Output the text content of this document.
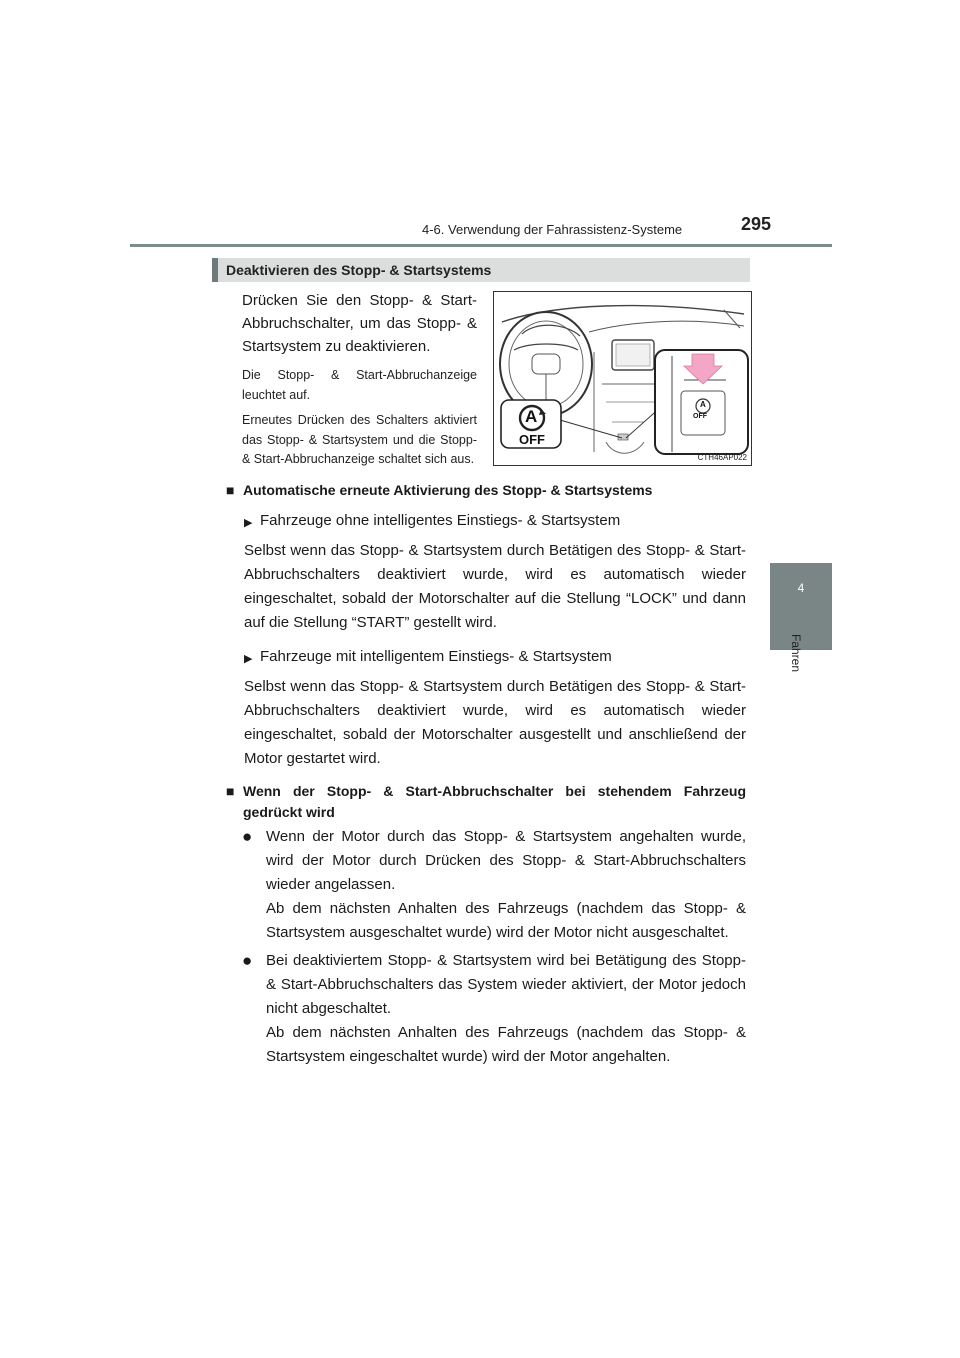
4-6. Verwendung der Fahrassistenz-Systeme	295
4
Fahren
Deaktivieren des Stopp- & Startsystems

Drücken Sie den Stopp- & Start-Abbruchschalter, um das Stopp- & Startsystem zu deaktivieren.

Die Stopp- & Start-Abbruchanzeige leuchtet auf.

Erneutes Drücken des Schalters aktiviert das Stopp- & Startsystem und die Stopp- & Start-Abbruchanzeige schaltet sich aus.

OFF
A	OFF
A
CTH46AP022
■ Automatische erneute Aktivierung des Stopp- & Startsystems
▶ Fahrzeuge ohne intelligentes Einstiegs- & Startsystem

Selbst wenn das Stopp- & Startsystem durch Betätigen des Stopp- & Start-Abbruchschalters deaktiviert wurde, wird es automatisch wieder eingeschaltet, sobald der Motorschalter auf die Stellung “LOCK” und dann auf die Stellung “START” gestellt wird.

▶ Fahrzeuge mit intelligentem Einstiegs- & Startsystem

Selbst wenn das Stopp- & Startsystem durch Betätigen des Stopp- & Start-Abbruchschalters deaktiviert wurde, wird es automatisch wieder eingeschaltet, sobald der Motorschalter ausgestellt und anschließend der Motor gestartet wird.

■ Wenn der Stopp- & Start-Abbruchschalter bei stehendem Fahrzeug gedrückt wird
● Wenn der Motor durch das Stopp- & Startsystem angehalten wurde, wird der Motor durch Drücken des Stopp- & Start-Abbruchschalters wieder angelassen.

Ab dem nächsten Anhalten des Fahrzeugs (nachdem das Stopp- & Startsystem ausgeschaltet wurde) wird der Motor nicht ausgeschaltet.

● Bei deaktiviertem Stopp- & Startsystem wird bei Betätigung des Stopp- & Start-Abbruchschalters das System wieder aktiviert, der Motor jedoch nicht abgeschaltet.

Ab dem nächsten Anhalten des Fahrzeugs (nachdem das Stopp- & Startsystem eingeschaltet wurde) wird der Motor angehalten.
